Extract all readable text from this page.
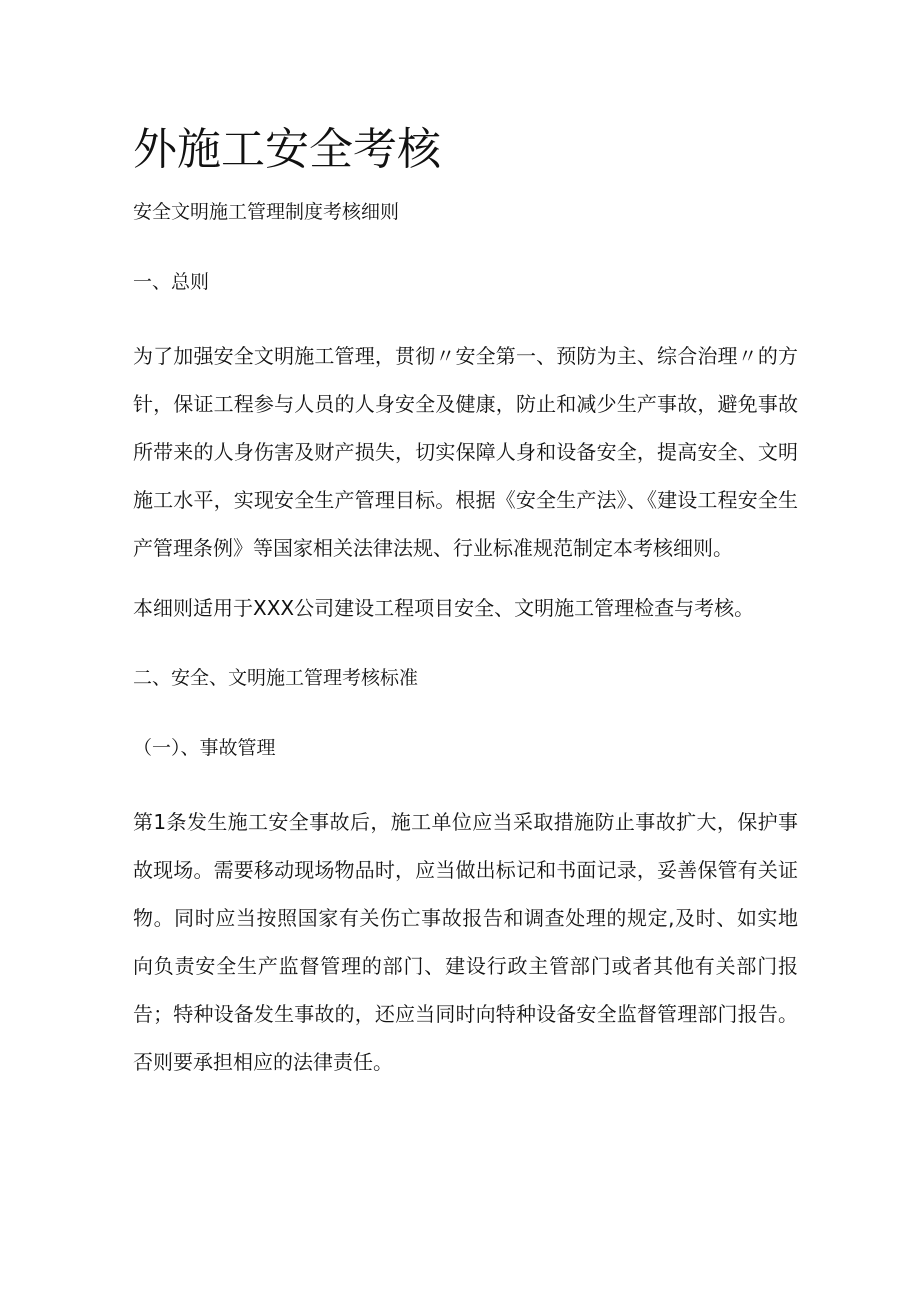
外施工安全考核
安全文明施工管理制度考核细则
一、总则
为了加强安全文明施工管理，贯彻〃安全第一、预防为主、综合治理〃的方针，保证工程参与人员的人身安全及健康，防止和减少生产事故，避免事故所带来的人身伤害及财产损失，切实保障人身和设备安全，提高安全、文明施工水平，实现安全生产管理目标。根据《安全生产法》、《建设工程安全生产管理条例》等国家相关法律法规、行业标准规范制定本考核细则。
本细则适用于XXX公司建设工程项目安全、文明施工管理检查与考核。
二、安全、文明施工管理考核标准
（一）、事故管理
第1条发生施工安全事故后，施工单位应当采取措施防止事故扩大，保护事故现场。需要移动现场物品时，应当做出标记和书面记录，妥善保管有关证物。同时应当按照国家有关伤亡事故报告和调查处理的规定,及时、如实地向负责安全生产监督管理的部门、建设行政主管部门或者其他有关部门报告；特种设备发生事故的，还应当同时向特种设备安全监督管理部门报告。否则要承担相应的法律责任。
